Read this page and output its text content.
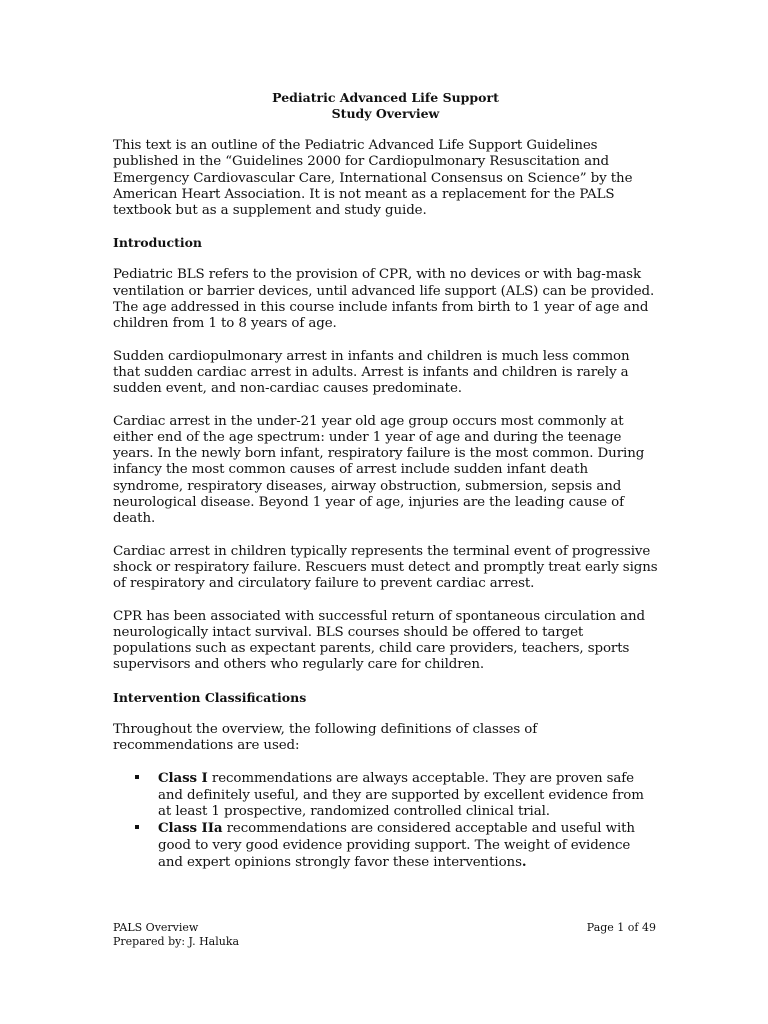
Pediatric Advanced Life Support
Study Overview

This text is an outline of the Pediatric Advanced Life Support Guidelines published in the “Guidelines 2000 for Cardiopulmonary Resuscitation and Emergency Cardiovascular Care, International Consensus on Science” by the American Heart Association. It is not meant as a replacement for the PALS textbook but as a supplement and study guide.

Introduction

Pediatric BLS refers to the provision of CPR, with no devices or with bag-mask ventilation or barrier devices, until advanced life support (ALS) can be provided. The age addressed in this course include infants from birth to 1 year of age and children from 1 to 8 years of age.

Sudden cardiopulmonary arrest in infants and children is much less common that sudden cardiac arrest in adults. Arrest is infants and children is rarely a sudden event, and non-cardiac causes predominate.

Cardiac arrest in the under-21 year old age group occurs most commonly at either end of the age spectrum: under 1 year of age and during the teenage years. In the newly born infant, respiratory failure is the most common. During infancy the most common causes of arrest include sudden infant death syndrome, respiratory diseases, airway obstruction, submersion, sepsis and neurological disease. Beyond 1 year of age, injuries are the leading cause of death.

Cardiac arrest in children typically represents the terminal event of progressive shock or respiratory failure. Rescuers must detect and promptly treat early signs of respiratory and circulatory failure to prevent cardiac arrest.

CPR has been associated with successful return of spontaneous circulation and neurologically intact survival. BLS courses should be offered to target populations such as expectant parents, child care providers, teachers, sports supervisors and others who regularly care for children.

Intervention Classifications

Throughout the overview, the following definitions of classes of recommendations are used:

Class I recommendations are always acceptable. They are proven safe and definitely useful, and they are supported by excellent evidence from at least 1 prospective, randomized controlled clinical trial.
Class IIa recommendations are considered acceptable and useful with good to very good evidence providing support. The weight of evidence and expert opinions strongly favor these interventions.
PALS Overview
Prepared by: J. Haluka
Page 1 of 49
